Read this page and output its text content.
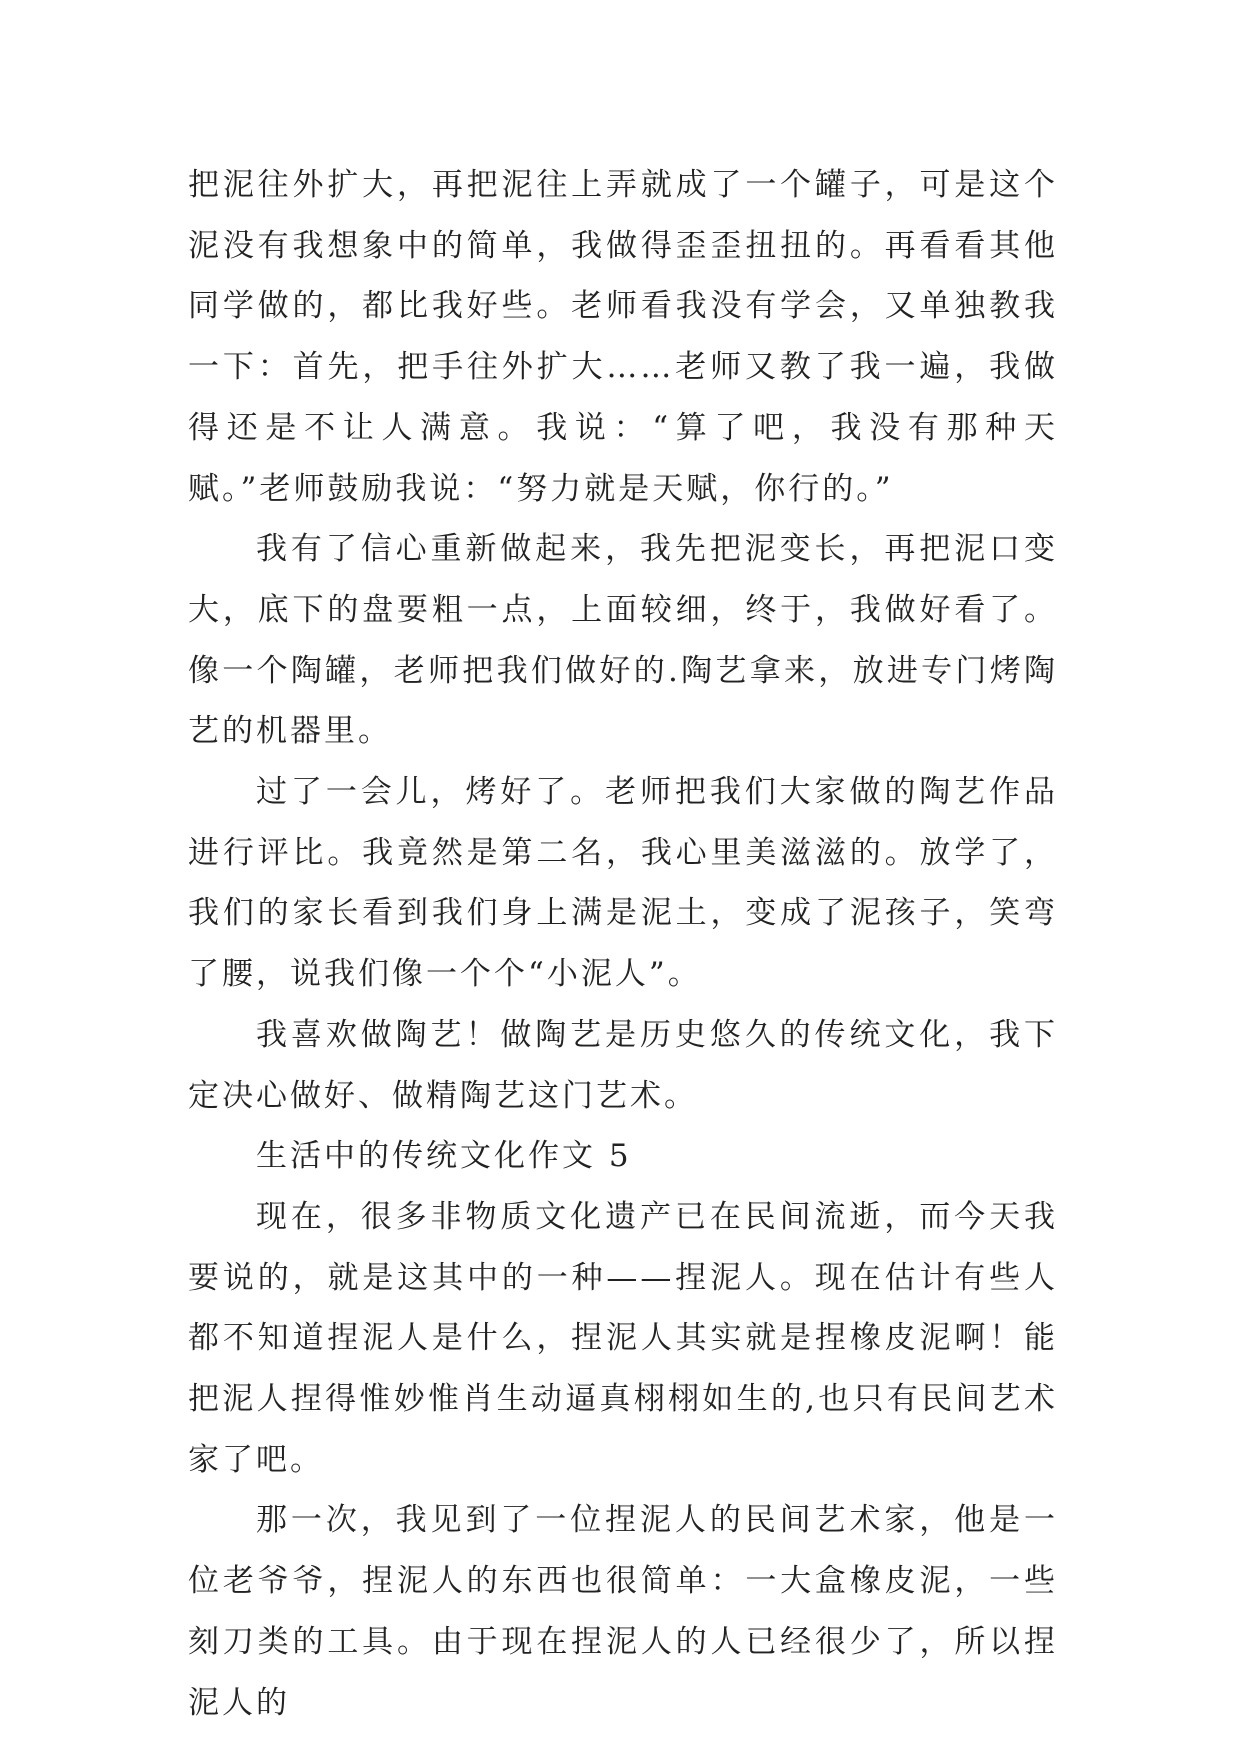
把泥往外扩大，再把泥往上弄就成了一个罐子，可是这个泥没有我想象中的简单，我做得歪歪扭扭的。再看看其他同学做的，都比我好些。老师看我没有学会，又单独教我一下：首先，把手往外扩大……老师又教了我一遍，我做得还是不让人满意。我说：“算了吧，我没有那种天赋。”老师鼓励我说：“努力就是天赋，你行的。”

我有了信心重新做起来，我先把泥变长，再把泥口变大，底下的盘要粗一点，上面较细，终于，我做好看了。像一个陶罐，老师把我们做好的.陶艺拿来，放进专门烤陶艺的机器里。

过了一会儿，烤好了。老师把我们大家做的陶艺作品进行评比。我竟然是第二名，我心里美滋滋的。放学了，我们的家长看到我们身上满是泥土，变成了泥孩子，笑弯了腰，说我们像一个个“小泥人”。

我喜欢做陶艺！做陶艺是历史悠久的传统文化，我下定决心做好、做精陶艺这门艺术。

生活中的传统文化作文 5

现在，很多非物质文化遗产已在民间流逝，而今天我要说的，就是这其中的一种——捏泥人。现在估计有些人都不知道捏泥人是什么，捏泥人其实就是捏橡皮泥啊！能把泥人捏得惟妙惟肖生动逼真栩栩如生的,也只有民间艺术家了吧。

那一次，我见到了一位捏泥人的民间艺术家，他是一位老爷爷，捏泥人的东西也很简单：一大盒橡皮泥，一些刻刀类的工具。由于现在捏泥人的人已经很少了，所以捏泥人的
